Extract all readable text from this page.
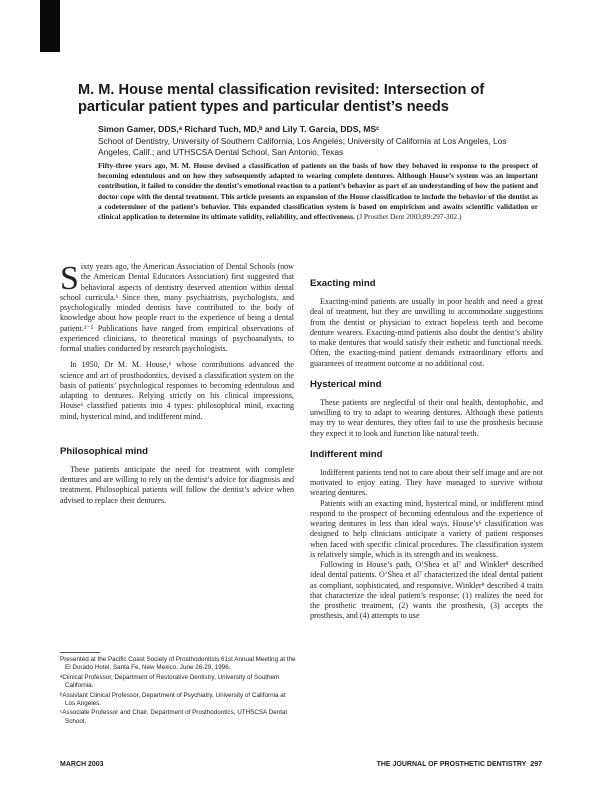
M. M. House mental classification revisited: Intersection of particular patient types and particular dentist’s needs
Simon Gamer, DDS,ᵃ Richard Tuch, MD,ᵇ and Lily T. Garcia, DDS, MSᶜ
School of Dentistry, University of Southern California, Los Angeles; University of California at Los Angeles, Los Angeles, Calif.; and UTHSCSA Dental School, San Antonio, Texas
Fifty-three years ago, M. M. House devised a classification of patients on the basis of how they behaved in response to the prospect of becoming edentulous and on how they subsequently adapted to wearing complete dentures. Although House’s system was an important contribution, it failed to consider the dentist’s emotional reaction to a patient’s behavior as part of an understanding of how the patient and doctor cope with the dental treatment. This article presents an expansion of the House classification to include the behavior of the dentist as a codeterminer of the patient’s behavior. This expanded classification system is based on empiricism and awaits scientific validation or clinical application to determine its ultimate validity, reliability, and effectiveness. (J Prosthet Dent 2003;89:297-302.)

Sixty years ago, the American Association of Dental Schools (now the American Dental Educators Association) first suggested that behavioral aspects of dentistry deserved attention within dental school curricula.¹ Since then, many psychiatrists, psychologists, and psychologically minded dentists have contributed to the body of knowledge about how people react to the experience of being a dental patient.²⁻⁵ Publications have ranged from empirical observations of experienced clinicians, to theoretical musings of psychoanalysts, to formal studies conducted by research psychologists.

In 1950, Dr M. M. House,⁶ whose contributions advanced the science and art of prosthodontics, devised a classification system on the basis of patients’ psychological responses to becoming edentulous and adapting to dentures. Relying strictly on his clinical impressions, House⁶ classified patients into 4 types: philosophical mind, exacting mind, hysterical mind, and indifferent mind.

Philosophical mind

These patients anticipate the need for treatment with complete dentures and are willing to rely on the dentist’s advice for diagnosis and treatment. Philosophical patients will follow the dentist’s advice when advised to replace their dentures.

Exacting mind

Exacting-mind patients are usually in poor health and need a great deal of treatment, but they are unwilling to accommodate suggestions from the dentist or physician to extract hopeless teeth and become denture wearers. Exacting-mind patients also doubt the dentist’s ability to make dentures that would satisfy their esthetic and functional needs. Often, the exacting-mind patient demands extraordinary efforts and guarantees of treatment outcome at no additional cost.

Hysterical mind

These patients are neglectful of their oral health, dentophobic, and unwilling to try to adapt to wearing dentures. Although these patients may try to wear dentures, they often fail to use the prosthesis because they expect it to look and function like natural teeth.

Indifferent mind

Indifferent patients tend not to care about their self image and are not motivated to enjoy eating. They have managed to survive without wearing dentures.

Patients with an exacting mind, hysterical mind, or indifferent mind respond to the prospect of becoming edentulous and the experience of wearing dentures in less than ideal ways. House’s⁶ classification was designed to help clinicians anticipate a variety of patient responses when faced with specific clinical procedures. The classification system is relatively simple, which is its strength and its weakness.

Following in House’s path, O’Shea et al⁷ and Winkler⁸ described ideal dental patients. O’Shea et al⁷ characterized the ideal dental patient as compliant, sophisticated, and responsive. Winkler⁸ described 4 traits that characterize the ideal patient’s response: (1) realizes the need for the prosthetic treatment, (2) wants the prosthesis, (3) accepts the prosthesis, and (4) attempts to use

Presented at the Pacific Coast Society of Prosthodontists 61st Annual Meeting at the El Dorado Hotel, Santa Fe, New Mexico, June 26-29, 1996.

ᵃClinical Professor, Department of Restorative Dentistry, University of Southern California.

ᵇAssistant Clinical Professor, Department of Psychiatry, University of California at Los Angeles.

ᶜAssociate Professor and Chair, Department of Prosthodontics, UTHSCSA Dental School.

MARCH 2003	THE JOURNAL OF PROSTHETIC DENTISTRY 297
